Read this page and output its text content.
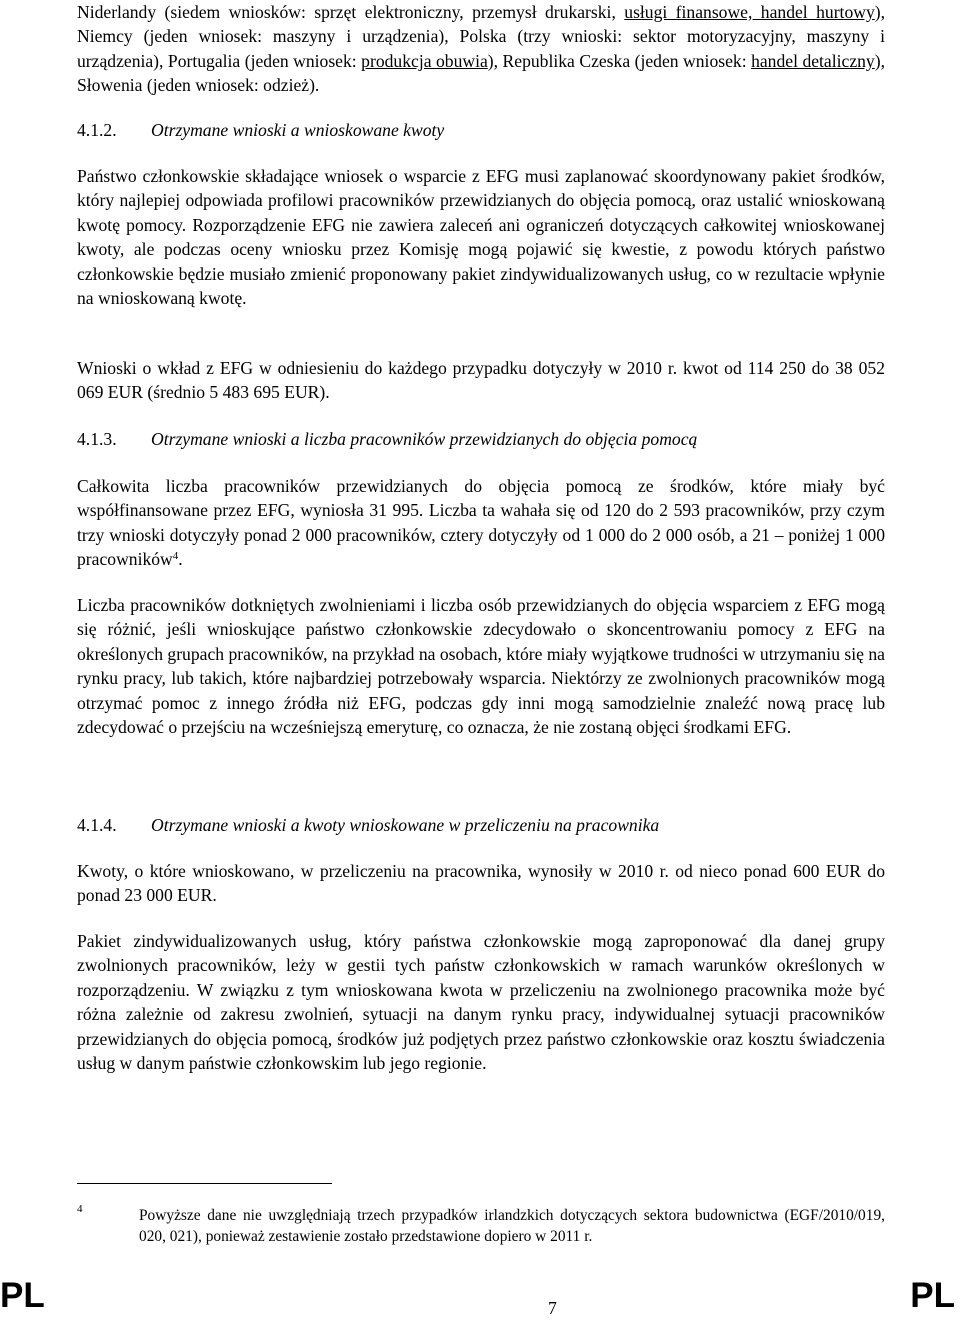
Niderlandy (siedem wniosków: sprzęt elektroniczny, przemysł drukarski, usługi finansowe, handel hurtowy), Niemcy (jeden wniosek: maszyny i urządzenia), Polska (trzy wnioski: sektor motoryzacyjny, maszyny i urządzenia), Portugalia (jeden wniosek: produkcja obuwia), Republika Czeska (jeden wniosek: handel detaliczny), Słowenia (jeden wniosek: odzież).

4.1.2. Otrzymane wnioski a wnioskowane kwoty

Państwo członkowskie składające wniosek o wsparcie z EFG musi zaplanować skoordynowany pakiet środków, który najlepiej odpowiada profilowi pracowników przewidzianych do objęcia pomocą, oraz ustalić wnioskowaną kwotę pomocy. Rozporządzenie EFG nie zawiera zaleceń ani ograniczeń dotyczących całkowitej wnioskowanej kwoty, ale podczas oceny wniosku przez Komisję mogą pojawić się kwestie, z powodu których państwo członkowskie będzie musiało zmienić proponowany pakiet zindywidualizowanych usług, co w rezultacie wpłynie na wnioskowaną kwotę.

Wnioski o wkład z EFG w odniesieniu do każdego przypadku dotyczyły w 2010 r. kwot od 114 250 do 38 052 069 EUR (średnio 5 483 695 EUR).

4.1.3. Otrzymane wnioski a liczba pracowników przewidzianych do objęcia pomocą

Całkowita liczba pracowników przewidzianych do objęcia pomocą ze środków, które miały być współfinansowane przez EFG, wyniosła 31 995. Liczba ta wahała się od 120 do 2 593 pracowników, przy czym trzy wnioski dotyczyły ponad 2 000 pracowników, cztery dotyczyły od 1 000 do 2 000 osób, a 21 – poniżej 1 000 pracowników$^4$.

Liczba pracowników dotkniętych zwolnieniami i liczba osób przewidzianych do objęcia wsparciem z EFG mogą się różnić, jeśli wnioskujące państwo członkowskie zdecydowało o skoncentrowaniu pomocy z EFG na określonych grupach pracowników, na przykład na osobach, które miały wyjątkowe trudności w utrzymaniu się na rynku pracy, lub takich, które najbardziej potrzebowały wsparcia. Niektórzy ze zwolnionych pracowników mogą otrzymać pomoc z innego źródła niż EFG, podczas gdy inni mogą samodzielnie znaleźć nową pracę lub zdecydować o przejściu na wcześniejszą emeryturę, co oznacza, że nie zostaną objęci środkami EFG.

4.1.4. Otrzymane wnioski a kwoty wnioskowane w przeliczeniu na pracownika

Kwoty, o które wnioskowano, w przeliczeniu na pracownika, wynosiły w 2010 r. od nieco ponad 600 EUR do ponad 23 000 EUR.

Pakiet zindywidualizowanych usług, który państwa członkowskie mogą zaproponować dla danej grupy zwolnionych pracowników, leży w gestii tych państw członkowskich w ramach warunków określonych w rozporządzeniu. W związku z tym wnioskowana kwota w przeliczeniu na zwolnionego pracownika może być różna zależnie od zakresu zwolnień, sytuacji na danym rynku pracy, indywidualnej sytuacji pracowników przewidzianych do objęcia pomocą, środków już podjętych przez państwo członkowskie oraz kosztu świadczenia usług w danym państwie członkowskim lub jego regionie.

4	Powyższe dane nie uwzględniają trzech przypadków irlandzkich dotyczących sektora budownictwa (EGF/2010/019, 020, 021), ponieważ zestawienie zostało przedstawione dopiero w 2011 r.
7
PL	PL
